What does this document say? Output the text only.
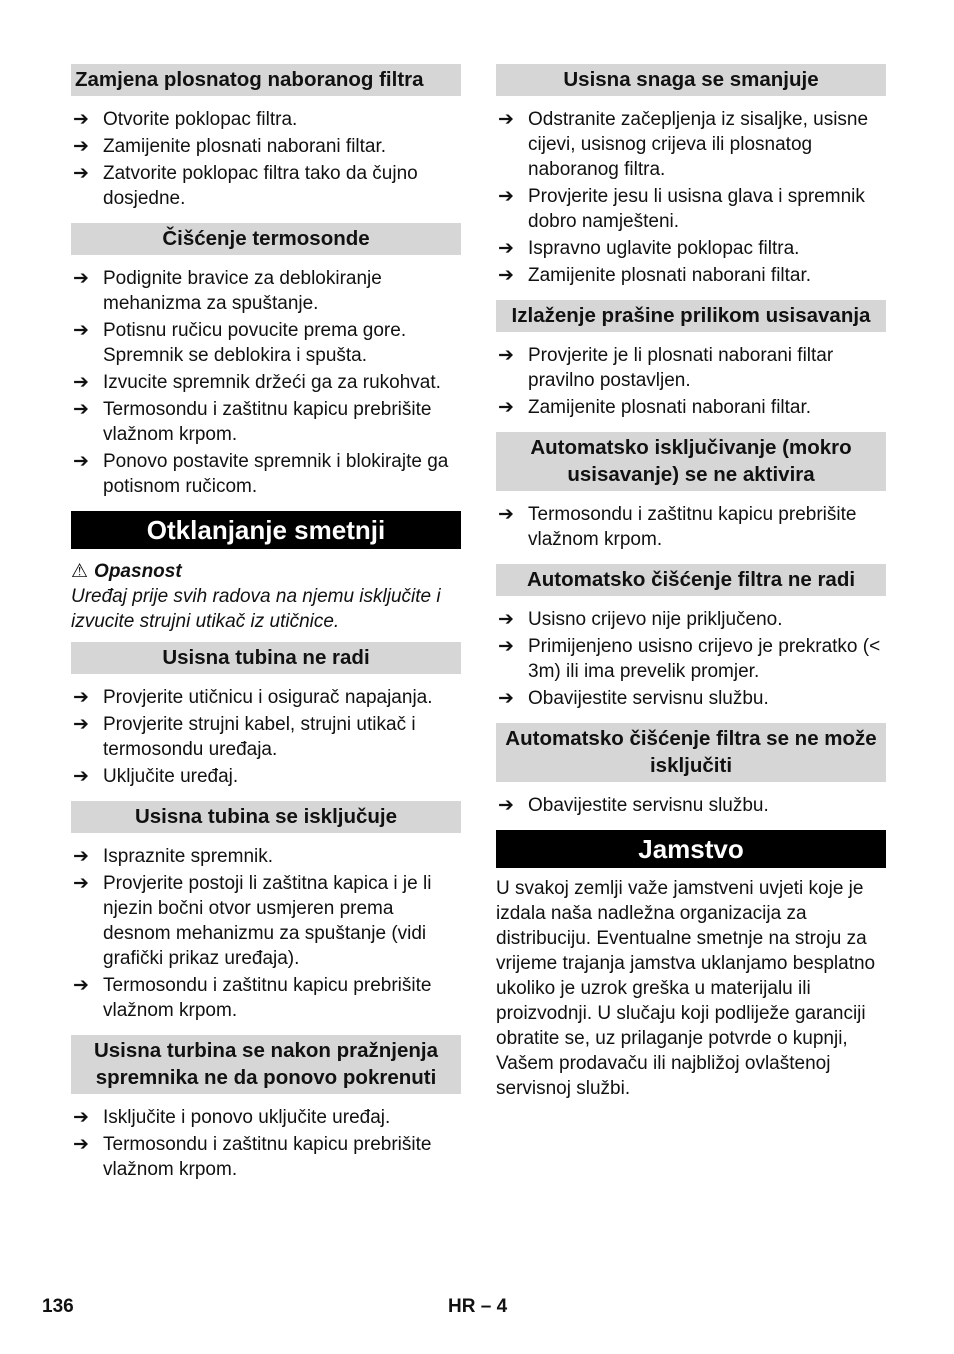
Zamjena plosnatog naboranog filtra
➔ Otvorite poklopac filtra.
➔ Zamijenite plosnati naborani filtar.
➔ Zatvorite poklopac filtra tako da čujno dosjedne.
Čišćenje termosonde
➔ Podignite bravice za deblokiranje mehanizma za spuštanje.
➔ Potisnu ručicu povucite prema gore. Spremnik se deblokira i spušta.
➔ Izvucite spremnik držeći ga za rukohvat.
➔ Termosondu i zaštitnu kapicu prebrišite vlažnom krpom.
➔ Ponovo postavite spremnik i blokirajte ga potisnom ručicom.
Otklanjanje smetnji

⚠ Opasnost

Uređaj prije svih radova na njemu isključite i izvucite strujni utikač iz utičnice.

Usisna tubina ne radi
➔ Provjerite utičnicu i osigurač napajanja.
➔ Provjerite strujni kabel, strujni utikač i termosondu uređaja.
➔ Uključite uređaj.
Usisna tubina se isključuje
➔ Ispraznite spremnik.
➔ Provjerite postoji li zaštitna kapica i je li njezin bočni otvor usmjeren prema desnom mehanizmu za spuštanje (vidi grafički prikaz uređaja).
➔ Termosondu i zaštitnu kapicu prebrišite vlažnom krpom.
Usisna turbina se nakon pražnjenja spremnika ne da ponovo pokrenuti
➔ Isključite i ponovo uključite uređaj.
➔ Termosondu i zaštitnu kapicu prebrišite vlažnom krpom.
Usisna snaga se smanjuje
➔ Odstranite začepljenja iz sisaljke, usisne cijevi, usisnog crijeva ili plosnatog naboranog filtra.
➔ Provjerite jesu li usisna glava i spremnik dobro namješteni.
➔ Ispravno uglavite poklopac filtra.
➔ Zamijenite plosnati naborani filtar.
Izlaženje prašine prilikom usisavanja
➔ Provjerite je li plosnati naborani filtar pravilno postavljen.
➔ Zamijenite plosnati naborani filtar.
Automatsko isključivanje (mokro usisavanje) se ne aktivira
➔ Termosondu i zaštitnu kapicu prebrišite vlažnom krpom.
Automatsko čišćenje filtra ne radi
➔ Usisno crijevo nije priključeno.
➔ Primijenjeno usisno crijevo je prekratko (< 3m) ili ima prevelik promjer.
➔ Obavijestite servisnu službu.
Automatsko čišćenje filtra se ne može isključiti
➔ Obavijestite servisnu službu.
Jamstvo

U svakoj zemlji važe jamstveni uvjeti koje je izdala naša nadležna organizacija za distribuciju. Eventualne smetnje na stroju za vrijeme trajanja jamstva uklanjamo besplatno ukoliko je uzrok greška u materijalu ili proizvodnji. U slučaju koji podliježe garanciji obratite se, uz prilaganje potvrde o kupnji, Vašem prodavaču ili najbližoj ovlaštenoj servisnoj službi.

136	HR – 4
